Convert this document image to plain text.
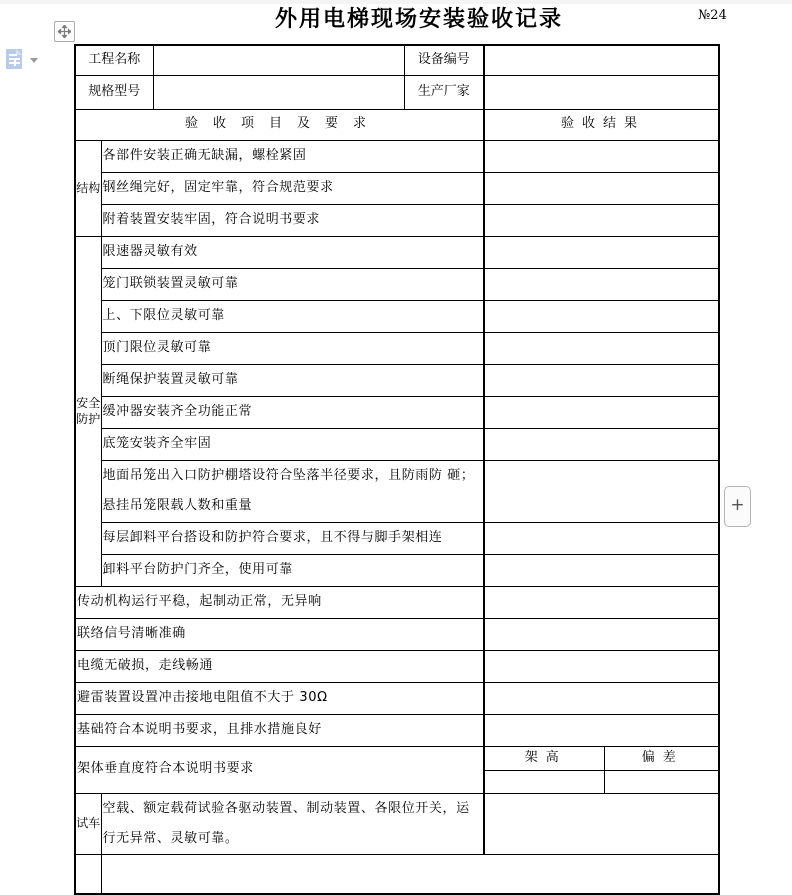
外用电梯现场安装验收记录	№24
+
工程名称			设备编号		
规格型号			生产厂家		
验收项目及要求				验收结果	
结构	各部件安装正确无缺漏，螺栓紧固				
	钢丝绳完好，固定牢靠，符合规范要求				
	附着装置安装牢固，符合说明书要求				
安全防护	限速器灵敏有效				
	笼门联锁装置灵敏可靠				
	上、下限位灵敏可靠				
	顶门限位灵敏可靠				
	断绳保护装置灵敏可靠				
	缓冲器安装齐全功能正常				
	底笼安装齐全牢固				
	地面吊笼出入口防护棚塔设符合坠落半径要求，且防雨防 砸；悬挂吊笼限载人数和重量				
	每层卸料平台搭设和防护符合要求，且不得与脚手架相连				
	卸料平台防护门齐全，使用可靠				
传动机构运行平稳，起制动正常，无异响					
联络信号清晰准确					
电缆无破损，走线畅通					
避雷装置设置冲击接地电阻值不大于 30Ω					
基础符合本说明书要求，且排水措施良好					
架体垂直度符合本说明书要求				架高	偏差

试车	空载、额定载荷试验各驱动装置、制动装置、各限位开关，运行无异常、灵敏可靠。				
